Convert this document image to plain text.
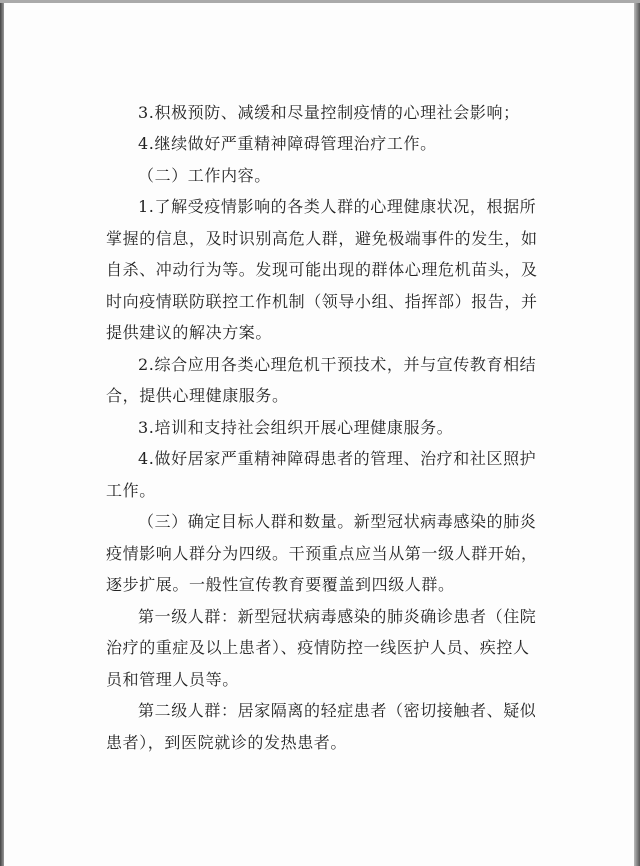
3.积极预防、减缓和尽量控制疫情的心理社会影响；
4.继续做好严重精神障碍管理治疗工作。
（二）工作内容。
1.了解受疫情影响的各类人群的心理健康状况，根据所
掌握的信息，及时识别高危人群，避免极端事件的发生，如
自杀、冲动行为等。发现可能出现的群体心理危机苗头，及
时向疫情联防联控工作机制（领导小组、指挥部）报告，并
提供建议的解决方案。
2.综合应用各类心理危机干预技术，并与宣传教育相结
合，提供心理健康服务。
3.培训和支持社会组织开展心理健康服务。
4.做好居家严重精神障碍患者的管理、治疗和社区照护
工作。
（三）确定目标人群和数量。新型冠状病毒感染的肺炎
疫情影响人群分为四级。干预重点应当从第一级人群开始，
逐步扩展。一般性宣传教育要覆盖到四级人群。
第一级人群：新型冠状病毒感染的肺炎确诊患者（住院
治疗的重症及以上患者）、疫情防控一线医护人员、疾控人
员和管理人员等。
第二级人群：居家隔离的轻症患者（密切接触者、疑似
患者），到医院就诊的发热患者。
